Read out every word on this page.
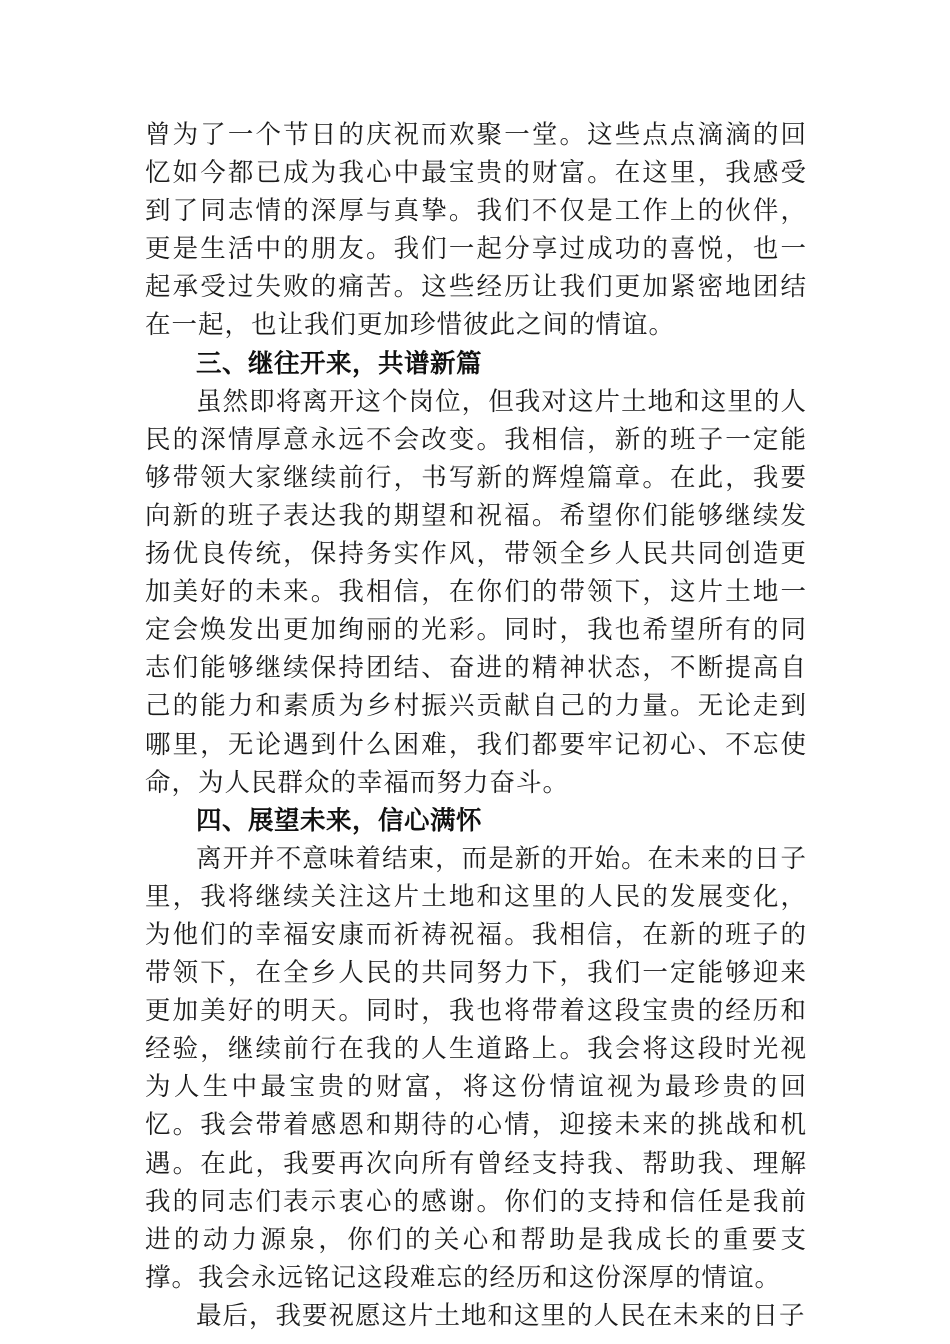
曾为了一个节日的庆祝而欢聚一堂。这些点点滴滴的回忆如今都已成为我心中最宝贵的财富。在这里，我感受到了同志情的深厚与真挚。我们不仅是工作上的伙伴，更是生活中的朋友。我们一起分享过成功的喜悦，也一起承受过失败的痛苦。这些经历让我们更加紧密地团结在一起，也让我们更加珍惜彼此之间的情谊。

三、继往开来，共谱新篇

虽然即将离开这个岗位，但我对这片土地和这里的人民的深情厚意永远不会改变。我相信，新的班子一定能够带领大家继续前行，书写新的辉煌篇章。在此，我要向新的班子表达我的期望和祝福。希望你们能够继续发扬优良传统，保持务实作风，带领全乡人民共同创造更加美好的未来。我相信，在你们的带领下，这片土地一定会焕发出更加绚丽的光彩。同时，我也希望所有的同志们能够继续保持团结、奋进的精神状态，不断提高自己的能力和素质为乡村振兴贡献自己的力量。无论走到哪里，无论遇到什么困难，我们都要牢记初心、不忘使命，为人民群众的幸福而努力奋斗。

四、展望未来，信心满怀

离开并不意味着结束，而是新的开始。在未来的日子里，我将继续关注这片土地和这里的人民的发展变化，为他们的幸福安康而祈祷祝福。我相信，在新的班子的带领下，在全乡人民的共同努力下，我们一定能够迎来更加美好的明天。同时，我也将带着这段宝贵的经历和经验，继续前行在我的人生道路上。我会将这段时光视为人生中最宝贵的财富，将这份情谊视为最珍贵的回忆。我会带着感恩和期待的心情，迎接未来的挑战和机遇。在此，我要再次向所有曾经支持我、帮助我、理解我的同志们表示衷心的感谢。你们的支持和信任是我前进的动力源泉，你们的关心和帮助是我成长的重要支撑。我会永远铭记这段难忘的经历和这份深厚的情谊。

最后，我要祝愿这片土地和这里的人民在未来的日子
